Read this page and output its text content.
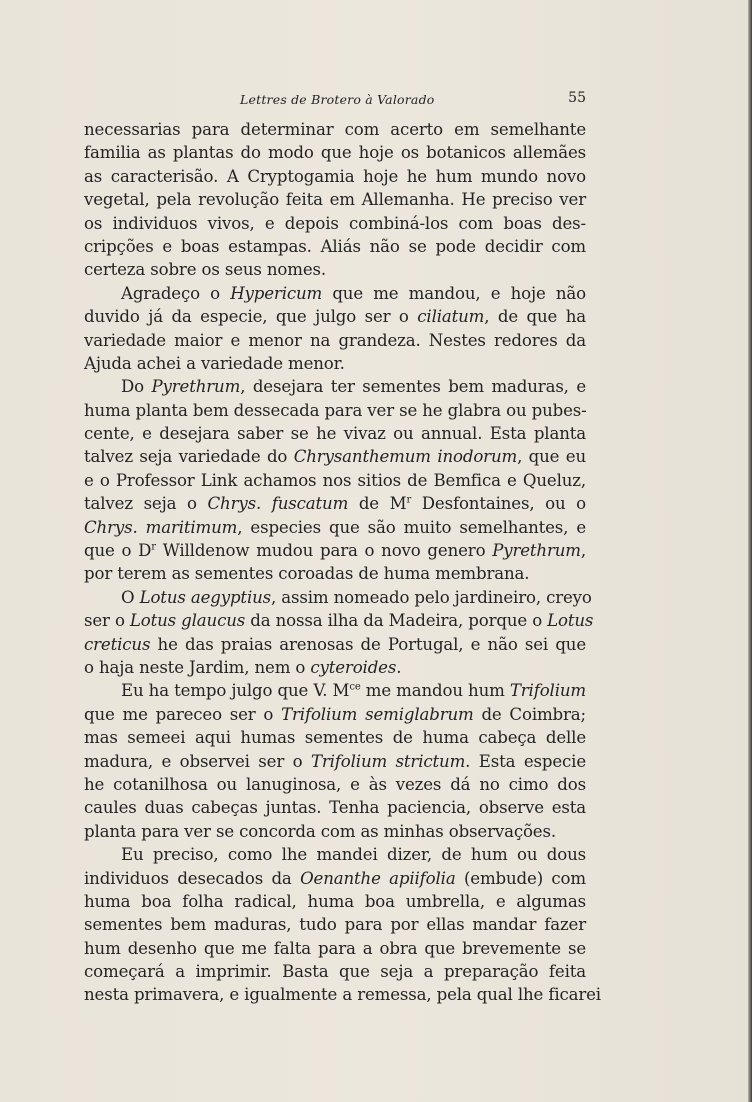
Lettres de Brotero à Valorado	55
necessarias para determinar com acerto em semelhante
familia as plantas do modo que hoje os botanicos allemães
as caracterisão. A Cryptogamia hoje he hum mundo novo
vegetal, pela revolução feita em Allemanha. He preciso ver
os individuos vivos, e depois combiná-los com boas des-
cripções e boas estampas. Aliás não se pode decidir com
certeza sobre os seus nomes.
Agradeço o Hypericum que me mandou, e hoje não
duvido já da especie, que julgo ser o ciliatum, de que ha
variedade maior e menor na grandeza. Nestes redores da
Ajuda achei a variedade menor.
Do Pyrethrum, desejara ter sementes bem maduras, e
huma planta bem dessecada para ver se he glabra ou pubes-
cente, e desejara saber se he vivaz ou annual. Esta planta
talvez seja variedade do Chrysanthemum inodorum, que eu
e o Professor Link achamos nos sitios de Bemfica e Queluz,
talvez seja o Chrys. fuscatum de $M^r$ Desfontaines, ou o
Chrys. maritimum, especies que são muito semelhantes, e
que o $D^r$ Willdenow mudou para o novo genero Pyrethrum,
por terem as sementes coroadas de huma membrana.
O Lotus aegyptius, assim nomeado pelo jardineiro, creyo
ser o Lotus glaucus da nossa ilha da Madeira, porque o Lotus
creticus he das praias arenosas de Portugal, e não sei que
o haja neste Jardim, nem o cyteroides.
Eu ha tempo julgo que V. $M^{ce}$ me mandou hum Trifolium
que me pareceo ser o Trifolium semiglabrum de Coimbra;
mas semeei aqui humas sementes de huma cabeça delle
madura, e observei ser o Trifolium strictum. Esta especie
he cotanilhosa ou lanuginosa, e às vezes dá no cimo dos
caules duas cabeças juntas. Tenha paciencia, observe esta
planta para ver se concorda com as minhas observações.
Eu preciso, como lhe mandei dizer, de hum ou dous
individuos desecados da Oenanthe apiifolia (embude) com
huma boa folha radical, huma boa umbrella, e algumas
sementes bem maduras, tudo para por ellas mandar fazer
hum desenho que me falta para a obra que brevemente se
começará a imprimir. Basta que seja a preparação feita
nesta primavera, e igualmente a remessa, pela qual lhe ficarei
